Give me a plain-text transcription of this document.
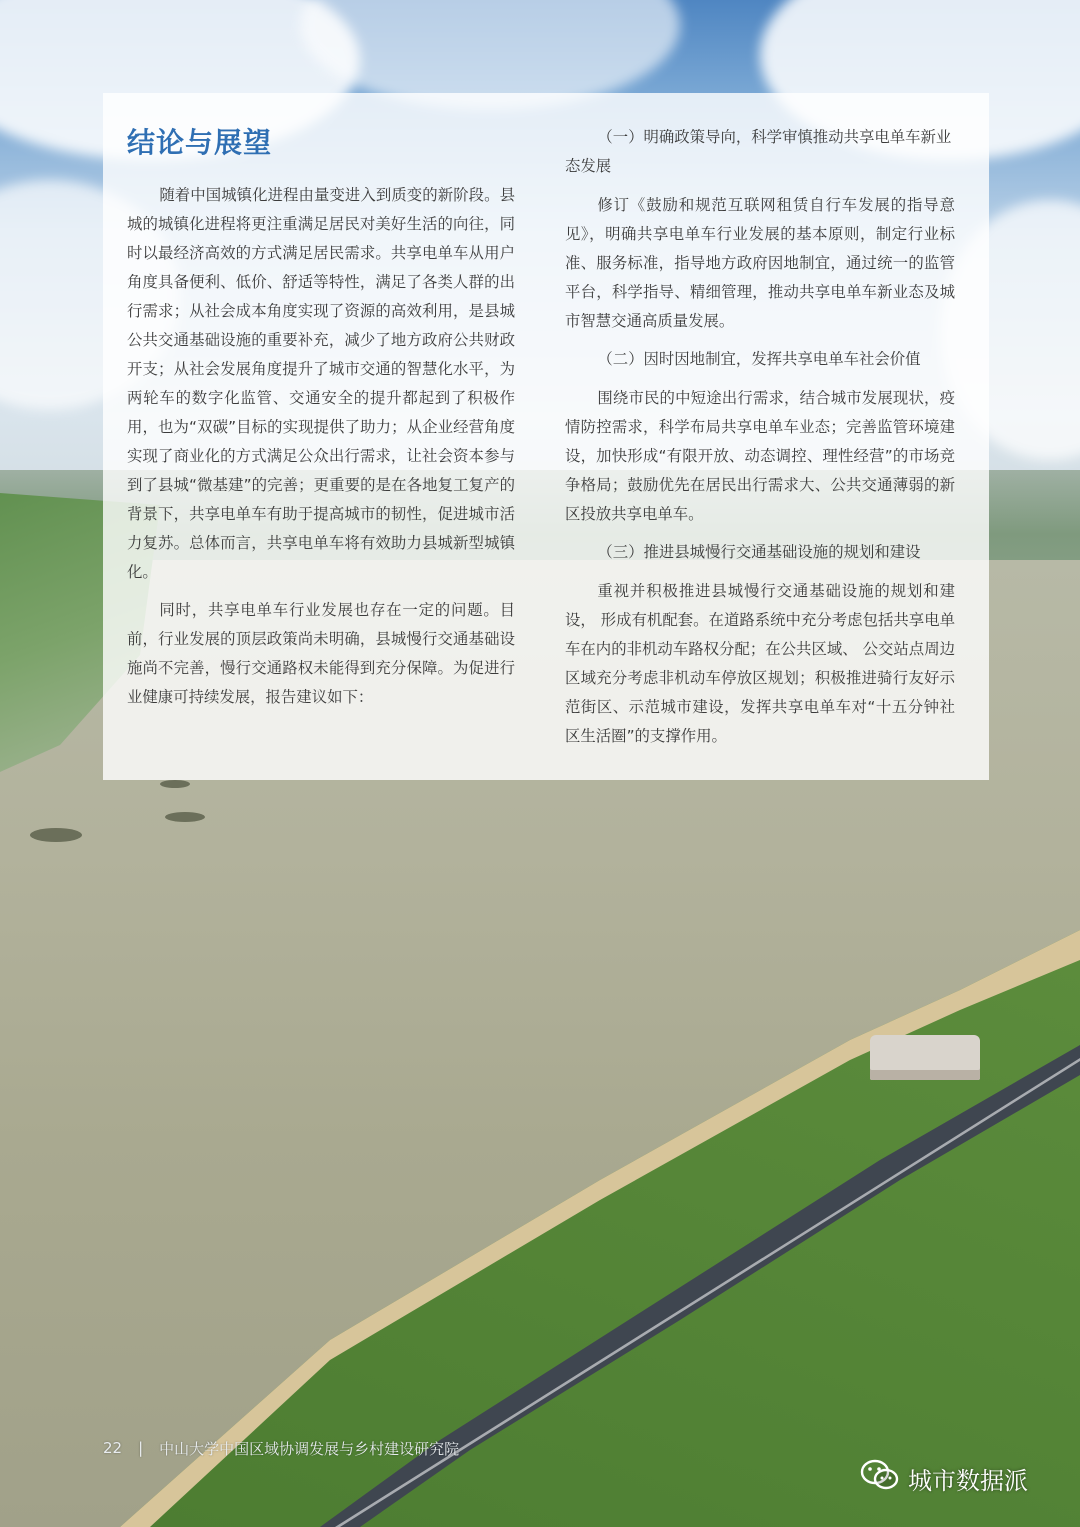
结论与展望

随着中国城镇化进程由量变进入到质变的新阶段。县城的城镇化进程将更注重满足居民对美好生活的向往，同时以最经济高效的方式满足居民需求。共享电单车从用户角度具备便利、低价、舒适等特性，满足了各类人群的出行需求；从社会成本角度实现了资源的高效利用，是县城公共交通基础设施的重要补充，减少了地方政府公共财政开支；从社会发展角度提升了城市交通的智慧化水平，为两轮车的数字化监管、交通安全的提升都起到了积极作用，也为“双碳”目标的实现提供了助力；从企业经营角度实现了商业化的方式满足公众出行需求，让社会资本参与到了县城“微基建”的完善；更重要的是在各地复工复产的背景下，共享电单车有助于提高城市的韧性，促进城市活力复苏。总体而言，共享电单车将有效助力县城新型城镇化。

同时，共享电单车行业发展也存在一定的问题。目前，行业发展的顶层政策尚未明确，县城慢行交通基础设施尚不完善，慢行交通路权未能得到充分保障。为促进行业健康可持续发展，报告建议如下：

（一）明确政策导向，科学审慎推动共享电单车新业态发展

修订《鼓励和规范互联网租赁自行车发展的指导意见》，明确共享电单车行业发展的基本原则，制定行业标准、服务标准，指导地方政府因地制宜，通过统一的监管平台，科学指导、精细管理，推动共享电单车新业态及城市智慧交通高质量发展。

（二）因时因地制宜，发挥共享电单车社会价值

围绕市民的中短途出行需求，结合城市发展现状，疫情防控需求，科学布局共享电单车业态；完善监管环境建设，加快形成“有限开放、动态调控、理性经营”的市场竞争格局；鼓励优先在居民出行需求大、公共交通薄弱的新区投放共享电单车。

（三）推进县城慢行交通基础设施的规划和建设

重视并积极推进县城慢行交通基础设施的规划和建设， 形成有机配套。在道路系统中充分考虑包括共享电单车在内的非机动车路权分配；在公共区域、 公交站点周边区域充分考虑非机动车停放区规划；积极推进骑行友好示范街区、示范城市建设，发挥共享电单车对“十五分钟社区生活圈”的支撑作用。

22 | 中山大学中国区域协调发展与乡村建设研究院
城市数据派
